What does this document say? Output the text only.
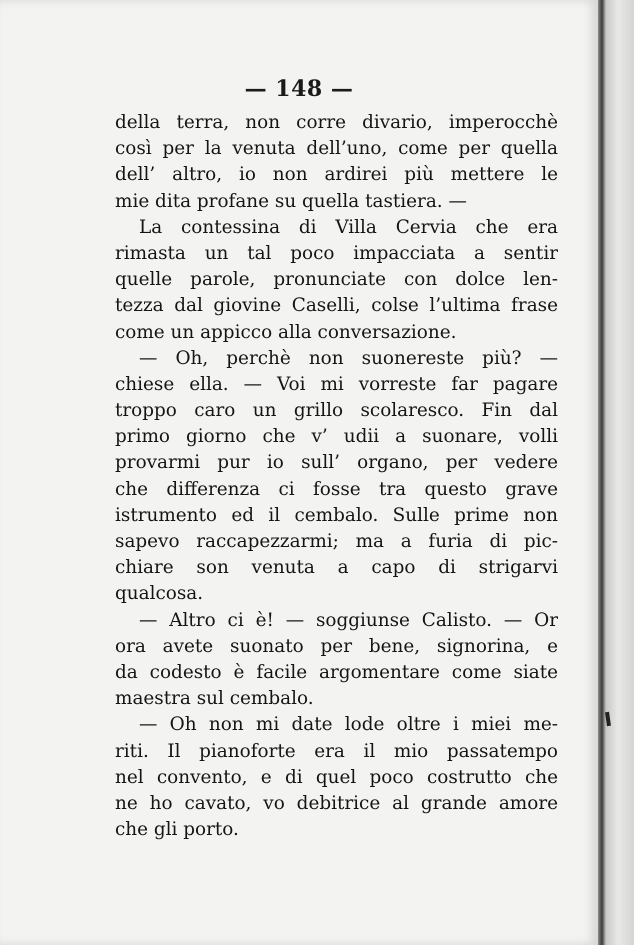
— 148 —
della terra, non corre divario, imperocchè
così per la venuta dell’uno, come per quella
dell’ altro, io non ardirei più mettere le
mie dita profane su quella tastiera. —
La contessina di Villa Cervia che era
rimasta un tal poco impacciata a sentir
quelle parole, pronunciate con dolce len-
tezza dal giovine Caselli, colse l’ultima frase
come un appicco alla conversazione.
— Oh, perchè non suonereste più? —
chiese ella. — Voi mi vorreste far pagare
troppo caro un grillo scolaresco. Fin dal
primo giorno che v’ udii a suonare, volli
provarmi pur io sull’ organo, per vedere
che differenza ci fosse tra questo grave
istrumento ed il cembalo. Sulle prime non
sapevo raccapezzarmi; ma a furia di pic-
chiare son venuta a capo di strigarvi
qualcosa.
— Altro ci è! — soggiunse Calisto. — Or
ora avete suonato per bene, signorina, e
da codesto è facile argomentare come siate
maestra sul cembalo.
— Oh non mi date lode oltre i miei me-
riti. Il pianoforte era il mio passatempo
nel convento, e di quel poco costrutto che
ne ho cavato, vo debitrice al grande amore
che gli porto.
